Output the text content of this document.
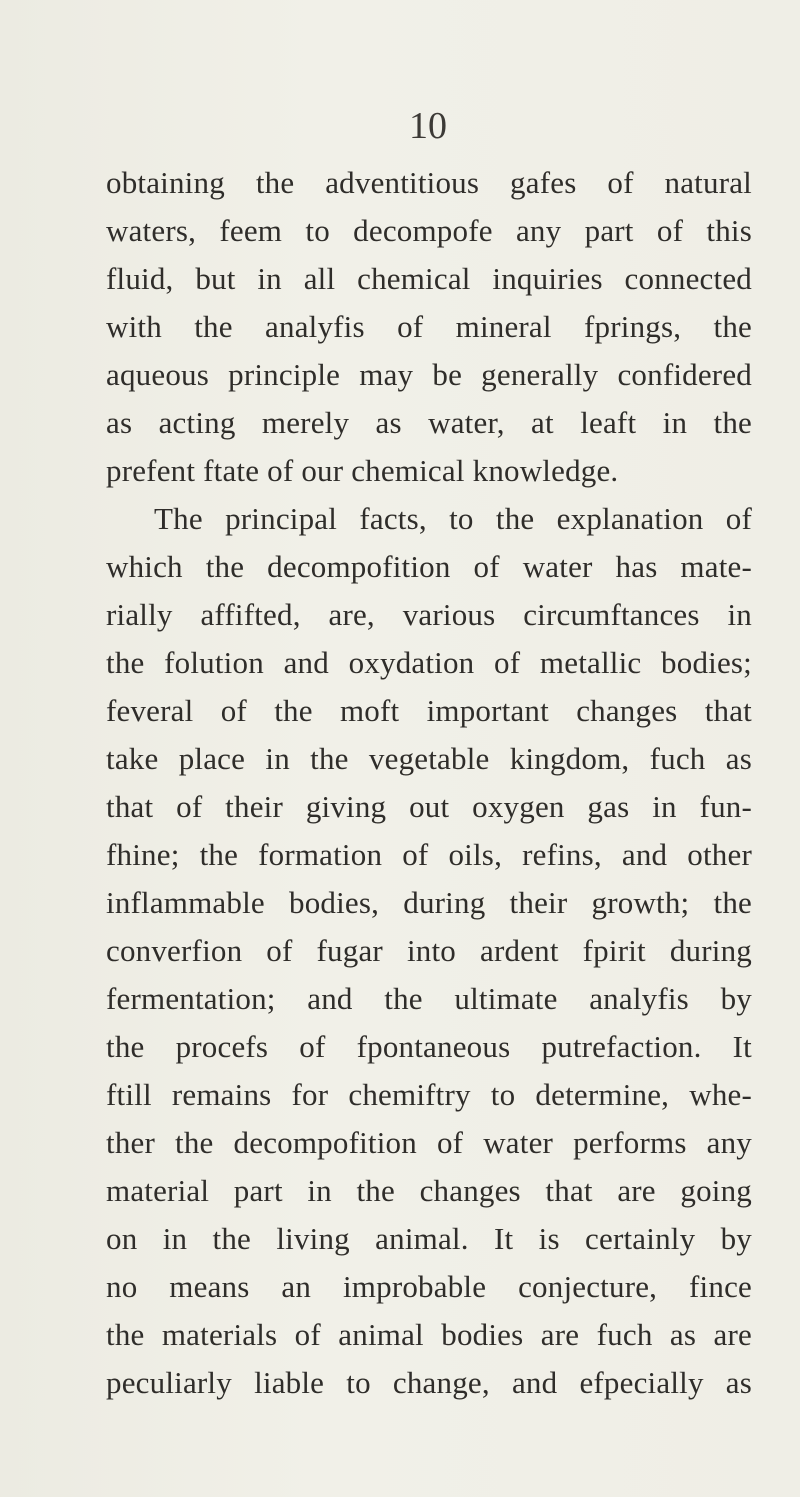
10
obtaining the adventitious gafes of natural
waters, feem to decompofe any part of this
fluid, but in all chemical inquiries connected
with the analyfis of mineral fprings, the
aqueous principle may be generally confidered
as acting merely as water, at leaft in the
prefent ftate of our chemical knowledge.
The principal facts, to the explanation of
which the decompofition of water has mate-
rially affifted, are, various circumftances in
the folution and oxydation of metallic bodies;
feveral of the moft important changes that
take place in the vegetable kingdom, fuch as
that of their giving out oxygen gas in fun-
fhine; the formation of oils, refins, and other
inflammable bodies, during their growth; the
converfion of fugar into ardent fpirit during
fermentation; and the ultimate analyfis by
the procefs of fpontaneous putrefaction. It
ftill remains for chemiftry to determine, whe-
ther the decompofition of water performs any
material part in the changes that are going
on in the living animal. It is certainly by
no means an improbable conjecture, fince
the materials of animal bodies are fuch as are
peculiarly liable to change, and efpecially as
